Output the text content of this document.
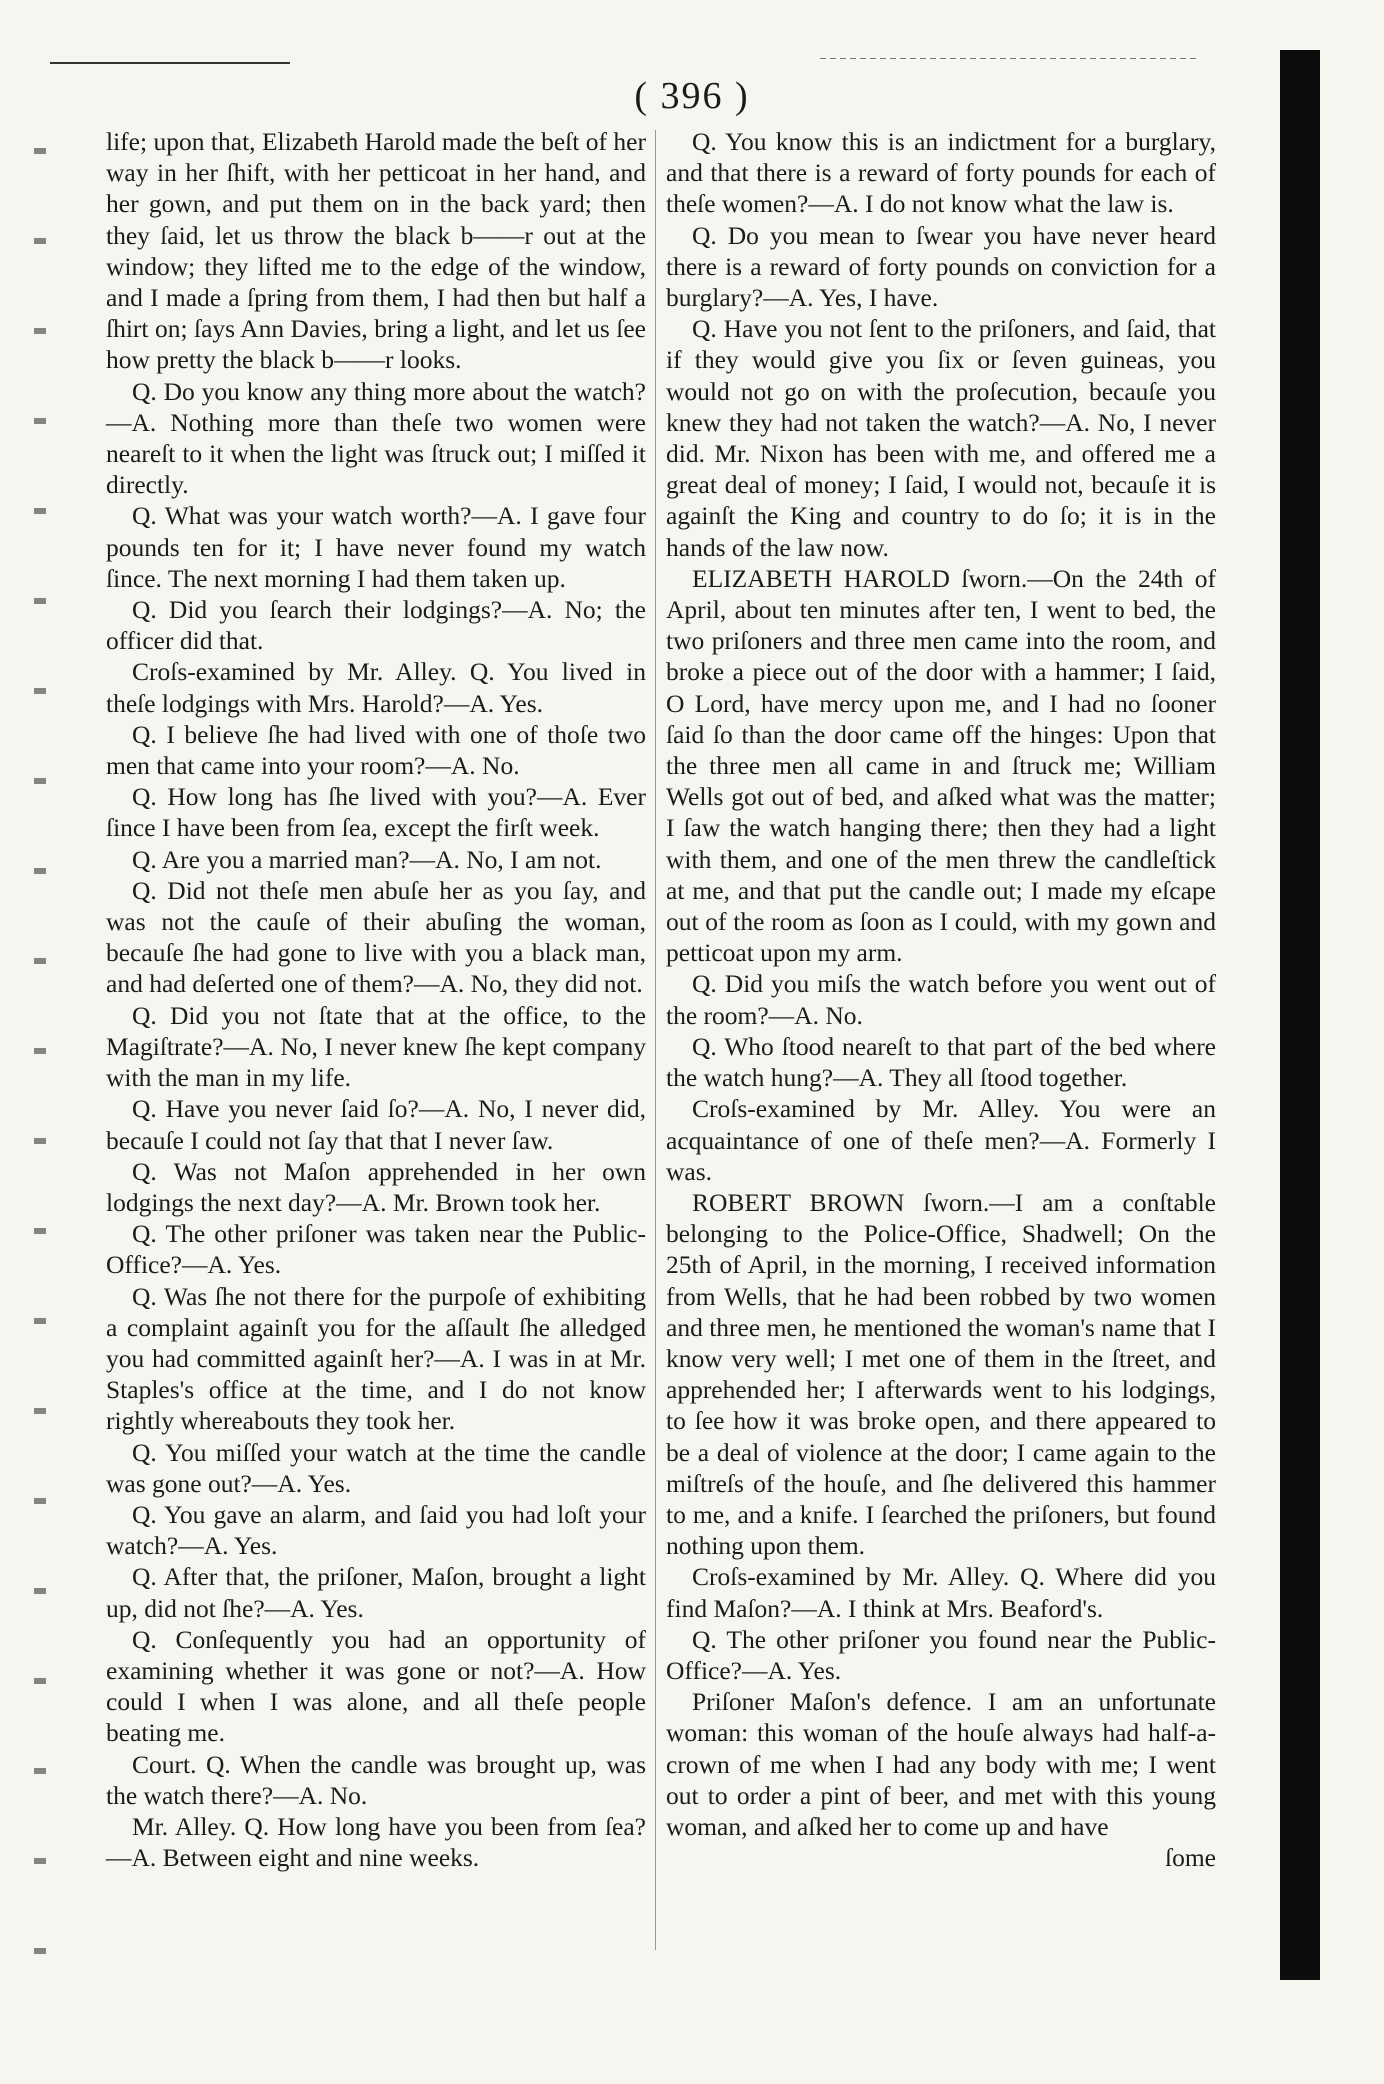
( 396 )

life; upon that, Elizabeth Harold made the beſt of her way in her ſhift, with her petticoat in her hand, and her gown, and put them on in the back yard; then they ſaid, let us throw the black b——r out at the window; they lifted me to the edge of the window, and I made a ſpring from them, I had then but half a ſhirt on; ſays Ann Davies, bring a light, and let us ſee how pretty the black b——r looks.

Q. Do you know any thing more about the watch?—A. Nothing more than theſe two women were neareſt to it when the light was ſtruck out; I miſſed it directly.

Q. What was your watch worth?—A. I gave four pounds ten for it; I have never found my watch ſince. The next morning I had them taken up.

Q. Did you ſearch their lodgings?—A. No; the officer did that.

Croſs-examined by Mr. Alley. Q. You lived in theſe lodgings with Mrs. Harold?—A. Yes.

Q. I believe ſhe had lived with one of thoſe two men that came into your room?—A. No.

Q. How long has ſhe lived with you?—A. Ever ſince I have been from ſea, except the firſt week.

Q. Are you a married man?—A. No, I am not.

Q. Did not theſe men abuſe her as you ſay, and was not the cauſe of their abuſing the woman, becauſe ſhe had gone to live with you a black man, and had deſerted one of them?—A. No, they did not.

Q. Did you not ſtate that at the office, to the Magiſtrate?—A. No, I never knew ſhe kept company with the man in my life.

Q. Have you never ſaid ſo?—A. No, I never did, becauſe I could not ſay that that I never ſaw.

Q. Was not Maſon apprehended in her own lodgings the next day?—A. Mr. Brown took her.

Q. The other priſoner was taken near the Public-Office?—A. Yes.

Q. Was ſhe not there for the purpoſe of exhibiting a complaint againſt you for the aſſault ſhe alledged you had committed againſt her?—A. I was in at Mr. Staples's office at the time, and I do not know rightly whereabouts they took her.

Q. You miſſed your watch at the time the candle was gone out?—A. Yes.

Q. You gave an alarm, and ſaid you had loſt your watch?—A. Yes.

Q. After that, the priſoner, Maſon, brought a light up, did not ſhe?—A. Yes.

Q. Conſequently you had an opportunity of examining whether it was gone or not?—A. How could I when I was alone, and all theſe people beating me.

Court. Q. When the candle was brought up, was the watch there?—A. No.

Mr. Alley. Q. How long have you been from ſea?—A. Between eight and nine weeks.

Q. You know this is an indictment for a burglary, and that there is a reward of forty pounds for each of theſe women?—A. I do not know what the law is.

Q. Do you mean to ſwear you have never heard there is a reward of forty pounds on conviction for a burglary?—A. Yes, I have.

Q. Have you not ſent to the priſoners, and ſaid, that if they would give you ſix or ſeven guineas, you would not go on with the proſecution, becauſe you knew they had not taken the watch?—A. No, I never did. Mr. Nixon has been with me, and offered me a great deal of money; I ſaid, I would not, becauſe it is againſt the King and country to do ſo; it is in the hands of the law now.

ELIZABETH HAROLD ſworn.—On the 24th of April, about ten minutes after ten, I went to bed, the two priſoners and three men came into the room, and broke a piece out of the door with a hammer; I ſaid, O Lord, have mercy upon me, and I had no ſooner ſaid ſo than the door came off the hinges: Upon that the three men all came in and ſtruck me; William Wells got out of bed, and aſked what was the matter; I ſaw the watch hanging there; then they had a light with them, and one of the men threw the candleſtick at me, and that put the candle out; I made my eſcape out of the room as ſoon as I could, with my gown and petticoat upon my arm.

Q. Did you miſs the watch before you went out of the room?—A. No.

Q. Who ſtood neareſt to that part of the bed where the watch hung?—A. They all ſtood together.

Croſs-examined by Mr. Alley. You were an acquaintance of one of theſe men?—A. Formerly I was.

ROBERT BROWN ſworn.—I am a conſtable belonging to the Police-Office, Shadwell; On the 25th of April, in the morning, I received information from Wells, that he had been robbed by two women and three men, he mentioned the woman's name that I know very well; I met one of them in the ſtreet, and apprehended her; I afterwards went to his lodgings, to ſee how it was broke open, and there appeared to be a deal of violence at the door; I came again to the miſtreſs of the houſe, and ſhe delivered this hammer to me, and a knife. I ſearched the priſoners, but found nothing upon them.

Croſs-examined by Mr. Alley. Q. Where did you find Maſon?—A. I think at Mrs. Beaford's.

Q. The other priſoner you found near the Public-Office?—A. Yes.

Priſoner Maſon's defence. I am an unfortunate woman: this woman of the houſe always had half-a-crown of me when I had any body with me; I went out to order a pint of beer, and met with this young woman, and aſked her to come up and have

ſome
